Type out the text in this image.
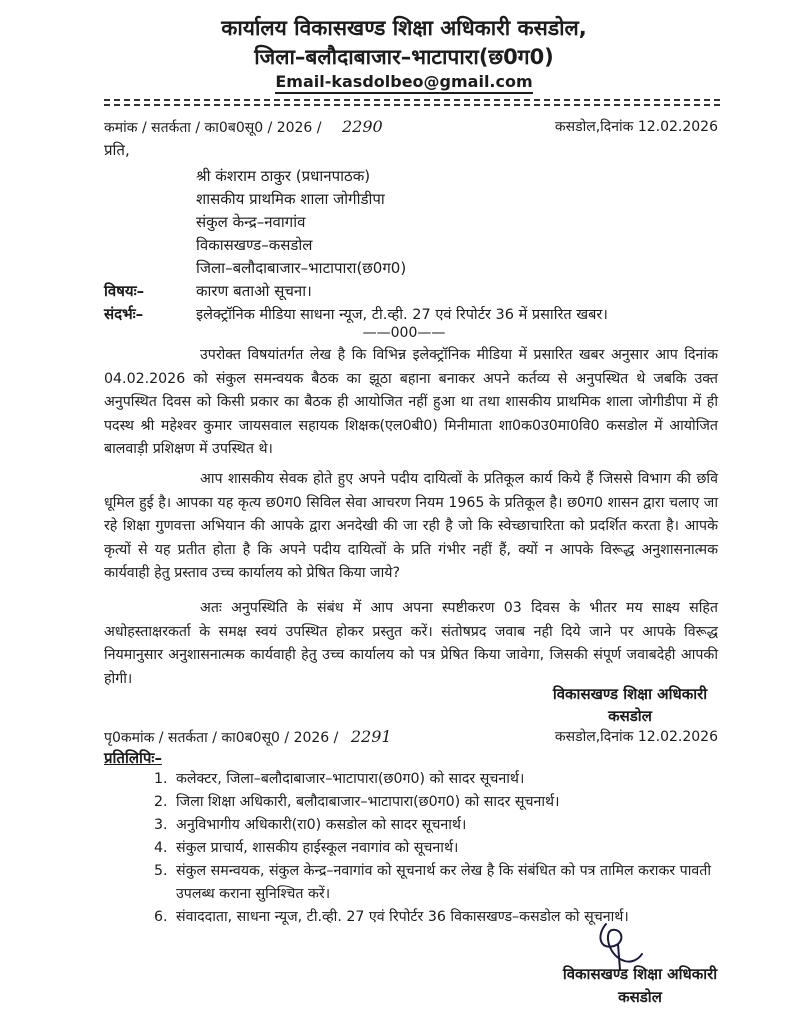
कार्यालय विकासखण्ड शिक्षा अधिकारी कसडोल,
जिला–बलौदाबाजार–भाटापारा(छ0ग0)
Email-kasdolbeo@gmail.com
कमांक / सतर्कता / का0ब0सू0 / 2026 / 2290	कसडोल,दिनांक 12.02.2026
प्रति,
श्री कंशराम ठाकुर (प्रधानपाठक)
शासकीय प्राथमिक शाला जोगीडीपा
संकुल केन्द्र–नवागांव
विकासखण्ड–कसडोल
जिला–बलौदाबाजार–भाटापारा(छ0ग0)
विषयः–	कारण बताओ सूचना।
संदर्भः–	इलेक्ट्रॉनिक मीडिया साधना न्यूज, टी.व्ही. 27 एवं रिपोर्टर 36 में प्रसारित खबर।
——000——
उपरोक्त विषयांतर्गत लेख है कि विभिन्न इलेक्ट्रॉनिक मीडिया में प्रसारित खबर अनुसार आप दिनांक 04.02.2026 को संकुल समन्वयक बैठक का झूठा बहाना बनाकर अपने कर्तव्य से अनुपस्थित थे जबकि उक्त अनुपस्थित दिवस को किसी प्रकार का बैठक ही आयोजित नहीं हुआ था तथा शासकीय प्राथमिक शाला जोगीडीपा में ही पदस्थ श्री महेश्वर कुमार जायसवाल सहायक शिक्षक(एल0बी0) मिनीमाता शा0क0उ0मा0वि0 कसडोल में आयोजित बालवाड़ी प्रशिक्षण में उपस्थित थे।
आप शासकीय सेवक होते हुए अपने पदीय दायित्वों के प्रतिकूल कार्य किये हैं जिससे विभाग की छवि धूमिल हुई है। आपका यह कृत्य छ0ग0 सिविल सेवा आचरण नियम 1965 के प्रतिकूल है। छ0ग0 शासन द्वारा चलाए जा रहे शिक्षा गुणवत्ता अभियान की आपके द्वारा अनदेखी की जा रही है जो कि स्वेच्छाचारिता को प्रदर्शित करता है। आपके कृत्यों से यह प्रतीत होता है कि अपने पदीय दायित्वों के प्रति गंभीर नहीं हैं, क्यों न आपके विरूद्ध अनुशासनात्मक कार्यवाही हेतु प्रस्ताव उच्च कार्यालय को प्रेषित किया जाये?
अतः अनुपस्थिति के संबंध में आप अपना स्पष्टीकरण 03 दिवस के भीतर मय साक्ष्य सहित अधोहस्ताक्षरकर्ता के समक्ष स्वयं उपस्थित होकर प्रस्तुत करें। संतोषप्रद जवाब नही दिये जाने पर आपके विरूद्ध नियमानुसार अनुशासनात्मक कार्यवाही हेतु उच्च कार्यालय को पत्र प्रेषित किया जावेगा, जिसकी संपूर्ण जवाबदेही आपकी होगी।
विकासखण्ड शिक्षा अधिकारी
कसडोल
पृ0कमांक / सतर्कता / का0ब0सू0 / 2026 / 2291	कसडोल,दिनांक 12.02.2026
प्रतिलिपिः–
1. कलेक्टर, जिला–बलौदाबाजार–भाटापारा(छ0ग0) को सादर सूचनार्थ।
2. जिला शिक्षा अधिकारी, बलौदाबाजार–भाटापारा(छ0ग0) को सादर सूचनार्थ।
3. अनुविभागीय अधिकारी(रा0) कसडोल को सादर सूचनार्थ।
4. संकुल प्राचार्य, शासकीय हाईस्कूल नवागांव को सूचनार्थ।
5. संकुल समन्वयक, संकुल केन्द्र–नवागांव को सूचनार्थ कर लेख है कि संबंधित को पत्र तामिल कराकर पावती उपलब्ध कराना सुनिश्चित करें।
6. संवाददाता, साधना न्यूज, टी.व्ही. 27 एवं रिपोर्टर 36 विकासखण्ड–कसडोल को सूचनार्थ।
विकासखण्ड शिक्षा अधिकारी
कसडोल
